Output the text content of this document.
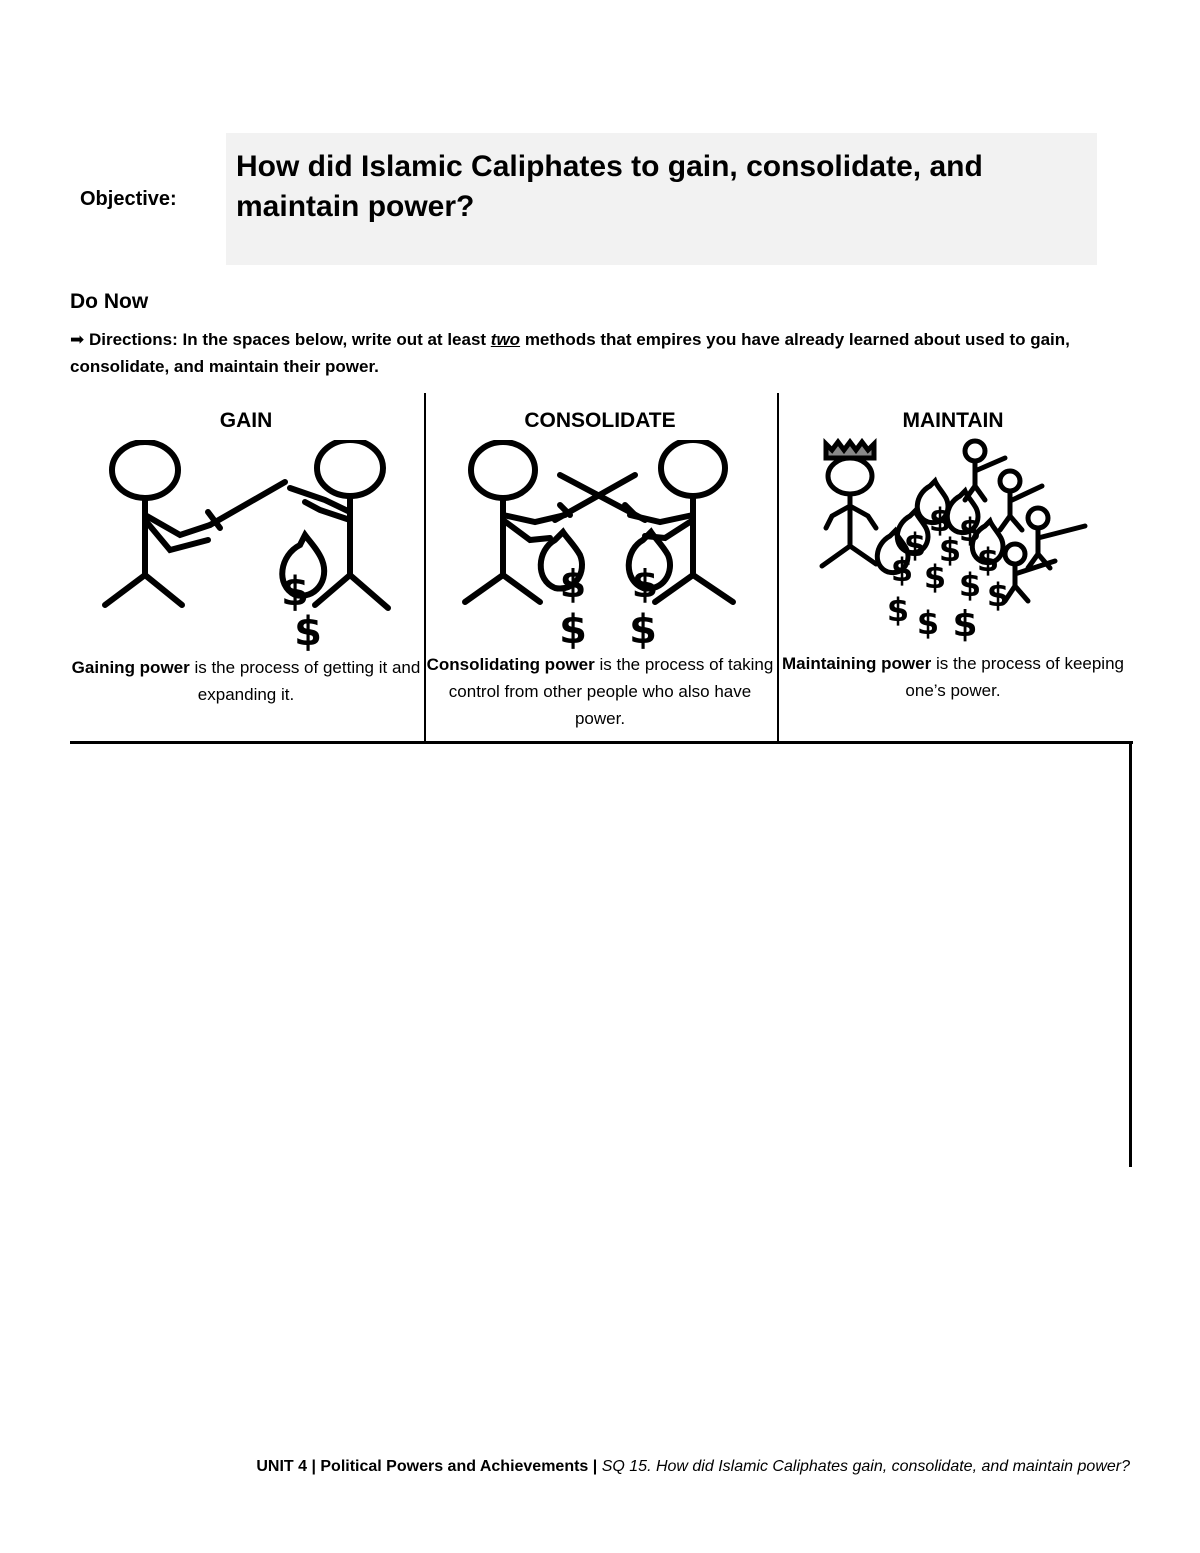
Objective:
How did Islamic Caliphates to gain, consolidate, and maintain power?
Do Now
➡ Directions: In the spaces below, write out at least two methods that empires you have already learned about used to gain, consolidate, and maintain their power.
GAIN
$
$
Gaining power is the process of getting it and expanding it.
CONSOLIDATE
$ $
$ $
Consolidating power is the process of taking control from other people who also have power.
MAINTAIN
$ $
$ $ $
$ $ $ $
$ $ $
Maintaining power is the process of keeping one’s power.
UNIT 4 | Political Powers and Achievements | SQ 15. How did Islamic Caliphates gain, consolidate, and maintain power?
